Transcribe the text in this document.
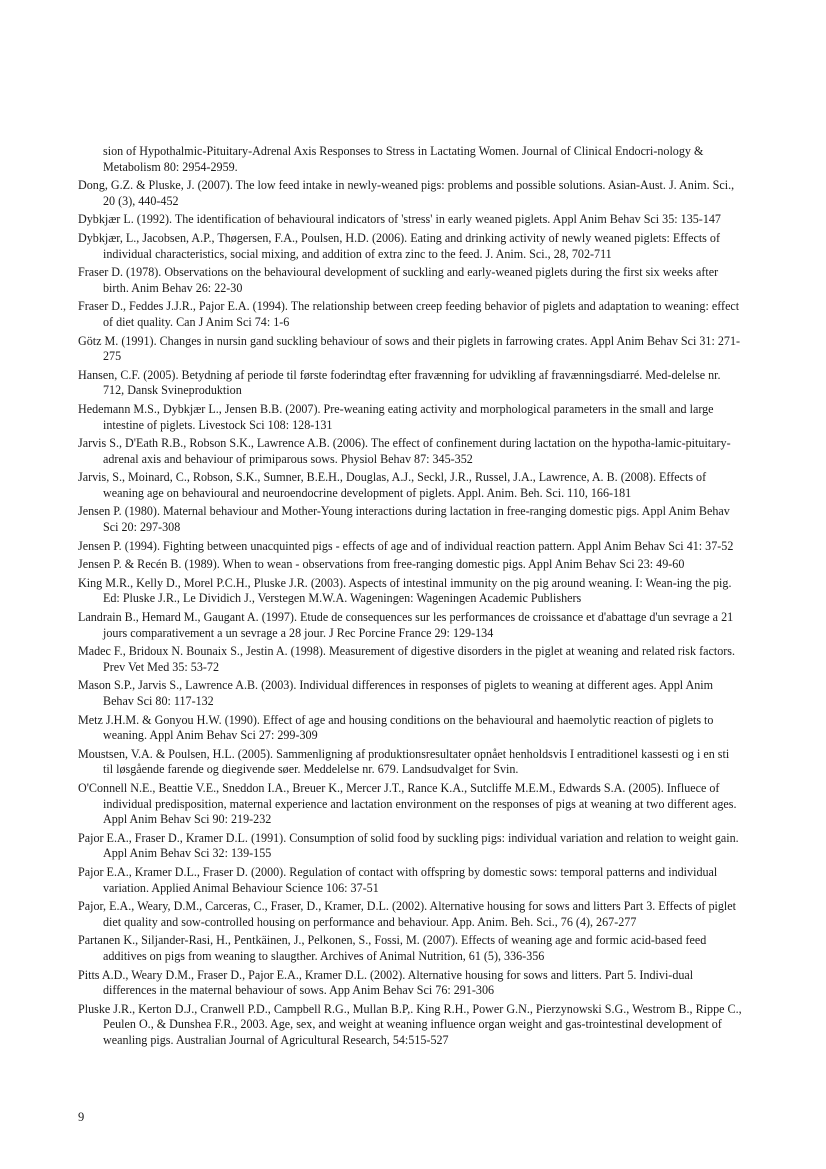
sion of Hypothalmic-Pituitary-Adrenal Axis Responses to Stress in Lactating Women. Journal of Clinical Endocri-nology & Metabolism 80: 2954-2959.

Dong, G.Z. & Pluske, J. (2007). The low feed intake in newly-weaned pigs: problems and possible solutions. Asian-Aust. J. Anim. Sci., 20 (3), 440-452

Dybkjær L. (1992). The identification of behavioural indicators of 'stress' in early weaned piglets. Appl Anim Behav Sci 35: 135-147

Dybkjær, L., Jacobsen, A.P., Thøgersen, F.A., Poulsen, H.D. (2006). Eating and drinking activity of newly weaned piglets: Effects of individual characteristics, social mixing, and addition of extra zinc to the feed. J. Anim. Sci., 28, 702-711

Fraser D. (1978). Observations on the behavioural development of suckling and early-weaned piglets during the first six weeks after birth. Anim Behav 26: 22-30

Fraser D., Feddes J.J.R., Pajor E.A. (1994). The relationship between creep feeding behavior of piglets and adaptation to weaning: effect of diet quality. Can J Anim Sci 74: 1-6

Götz M. (1991). Changes in nursin gand suckling behaviour of sows and their piglets in farrowing crates. Appl Anim Behav Sci 31: 271-275

Hansen, C.F. (2005). Betydning af periode til første foderindtag efter fravænning for udvikling af fravænningsdiarré. Med-delelse nr. 712, Dansk Svineproduktion

Hedemann M.S., Dybkjær L., Jensen B.B. (2007). Pre-weaning eating activity and morphological parameters in the small and large intestine of piglets. Livestock Sci 108: 128-131

Jarvis S., D'Eath R.B., Robson S.K., Lawrence A.B. (2006). The effect of confinement during lactation on the hypotha-lamic-pituitary-adrenal axis and behaviour of primiparous sows. Physiol Behav 87: 345-352

Jarvis, S., Moinard, C., Robson, S.K., Sumner, B.E.H., Douglas, A.J., Seckl, J.R., Russel, J.A., Lawrence, A. B. (2008). Effects of weaning age on behavioural and neuroendocrine development of piglets. Appl. Anim. Beh. Sci. 110, 166-181

Jensen P. (1980). Maternal behaviour and Mother-Young interactions during lactation in free-ranging domestic pigs. Appl Anim Behav Sci 20: 297-308

Jensen P. (1994). Fighting between unacquinted pigs - effects of age and of individual reaction pattern. Appl Anim Behav Sci 41: 37-52

Jensen P. & Recén B. (1989). When to wean - observations from free-ranging domestic pigs. Appl Anim Behav Sci 23: 49-60

King M.R., Kelly D., Morel P.C.H., Pluske J.R. (2003). Aspects of intestinal immunity on the pig around weaning. I: Wean-ing the pig. Ed: Pluske J.R., Le Dividich J., Verstegen M.W.A. Wageningen: Wageningen Academic Publishers

Landrain B., Hemard M., Gaugant A. (1997). Etude de consequences sur les performances de croissance et d'abattage d'un sevrage a 21 jours comparativement a un sevrage a 28 jour. J Rec Porcine France 29: 129-134

Madec F., Bridoux N. Bounaix S., Jestin A. (1998). Measurement of digestive disorders in the piglet at weaning and related risk factors. Prev Vet Med 35: 53-72

Mason S.P., Jarvis S., Lawrence A.B. (2003). Individual differences in responses of piglets to weaning at different ages. Appl Anim Behav Sci 80: 117-132

Metz J.H.M. & Gonyou H.W. (1990). Effect of age and housing conditions on the behavioural and haemolytic reaction of piglets to weaning. Appl Anim Behav Sci 27: 299-309

Moustsen, V.A. & Poulsen, H.L. (2005). Sammenligning af produktionsresultater opnået henholdsvis I entraditionel kassesti og i en sti til løsgående farende og diegivende søer. Meddelelse nr. 679. Landsudvalget for Svin.

O'Connell N.E., Beattie V.E., Sneddon I.A., Breuer K., Mercer J.T., Rance K.A., Sutcliffe M.E.M., Edwards S.A. (2005). Influece of individual predisposition, maternal experience and lactation environment on the responses of pigs at weaning at two different ages. Appl Anim Behav Sci 90: 219-232

Pajor E.A., Fraser D., Kramer D.L. (1991). Consumption of solid food by suckling pigs: individual variation and relation to weight gain. Appl Anim Behav Sci 32: 139-155

Pajor E.A., Kramer D.L., Fraser D. (2000). Regulation of contact with offspring by domestic sows: temporal patterns and individual variation. Applied Animal Behaviour Science 106: 37-51

Pajor, E.A., Weary, D.M., Carceras, C., Fraser, D., Kramer, D.L. (2002). Alternative housing for sows and litters Part 3. Effects of piglet diet quality and sow-controlled housing on performance and behaviour. App. Anim. Beh. Sci., 76 (4), 267-277

Partanen K., Siljander-Rasi, H., Pentkäinen, J., Pelkonen, S., Fossi, M. (2007). Effects of weaning age and formic acid-based feed additives on pigs from weaning to slaugther. Archives of Animal Nutrition, 61 (5), 336-356

Pitts A.D., Weary D.M., Fraser D., Pajor E.A., Kramer D.L. (2002). Alternative housing for sows and litters. Part 5. Indivi-dual differences in the maternal behaviour of sows. App Anim Behav Sci 76: 291-306

Pluske J.R., Kerton D.J., Cranwell P.D., Campbell R.G., Mullan B.P,. King R.H., Power G.N., Pierzynowski S.G., Westrom B., Rippe C., Peulen O., & Dunshea F.R., 2003. Age, sex, and weight at weaning influence organ weight and gas-trointestinal development of weanling pigs. Australian Journal of Agricultural Research, 54:515-527

9
